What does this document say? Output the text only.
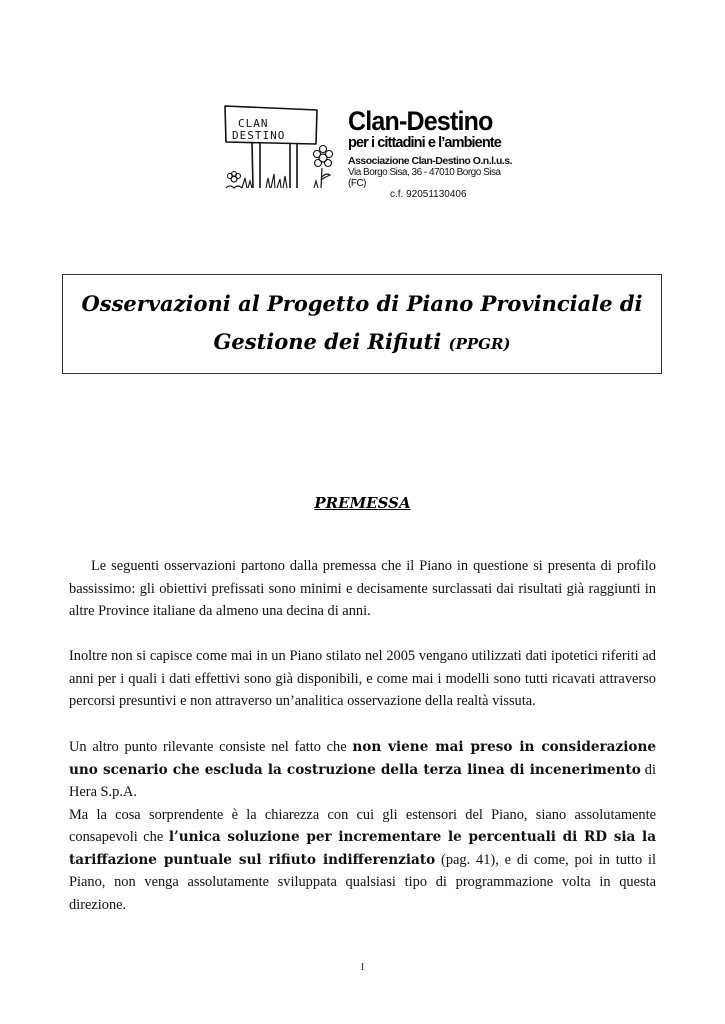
CLAN
DESTINO	Clan-Destino
per i cittadini e l’ambiente
Associazione Clan-Destino O.n.l.u.s.
Via Borgo Sisa, 36 - 47010 Borgo Sisa (FC)
c.f. 92051130406
Osservazioni al Progetto di Piano Provinciale di
Gestione dei Rifiuti (PPGR)
PREMESSA

Le seguenti osservazioni partono dalla premessa che il Piano in questione si presenta di profilo bassissimo: gli obiettivi prefissati sono minimi e decisamente surclassati dai risultati già raggiunti in altre Province italiane da almeno una decina di anni.

Inoltre non si capisce come mai in un Piano stilato nel 2005 vengano utilizzati dati ipotetici riferiti ad anni per i quali i dati effettivi sono già disponibili, e come mai i modelli sono tutti ricavati attraverso percorsi presuntivi e non attraverso un’analitica osservazione della realtà vissuta.

Un altro punto rilevante consiste nel fatto che non viene mai preso in considerazione uno scenario che escluda la costruzione della terza linea di incenerimento di Hera S.p.A.

Ma la cosa sorprendente è la chiarezza con cui gli estensori del Piano, siano assolutamente consapevoli che l’unica soluzione per incrementare le percentuali di RD sia la tariffazione puntuale sul rifiuto indifferenziato (pag. 41), e di come, poi in tutto il Piano, non venga assolutamente sviluppata qualsiasi tipo di programmazione volta in questa direzione.

1
